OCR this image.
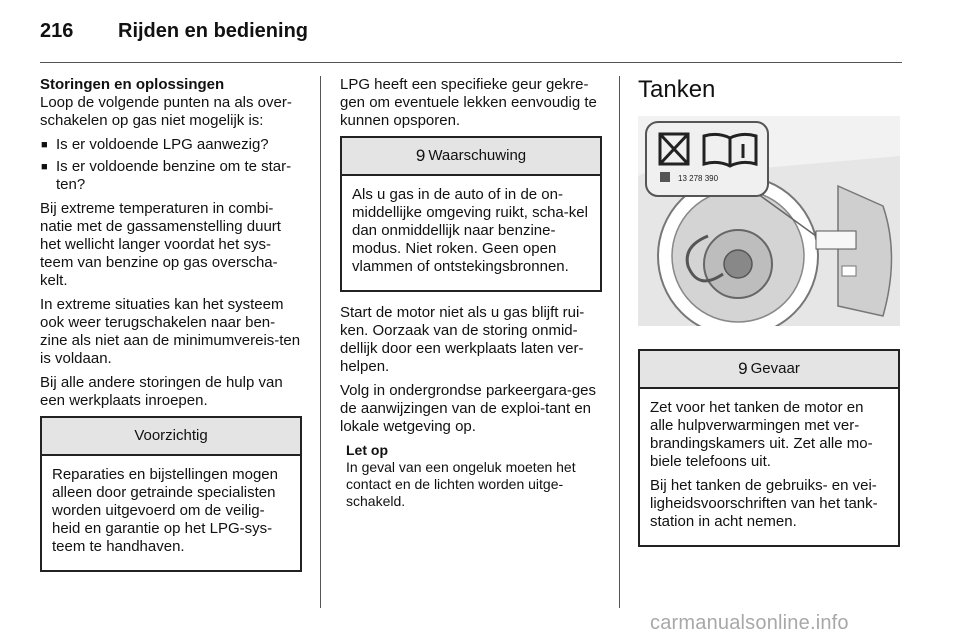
216 Rijden en bediening
Storingen en oplossingen

Loop de volgende punten na als over-schakelen op gas niet mogelijk is:

■ Is er voldoende LPG aanwezig?
■ Is er voldoende benzine om te star-ten?

Bij extreme temperaturen in combi-natie met de gassamenstelling duurt het wellicht langer voordat het sys-teem van benzine op gas overscha-kelt.

In extreme situaties kan het systeem ook weer terugschakelen naar ben-zine als niet aan de minimumvereis-ten is voldaan.

Bij alle andere storingen de hulp van een werkplaats inroepen.

Voorzichtig

Reparaties en bijstellingen mogen alleen door getrainde specialisten worden uitgevoerd om de veilig-heid en garantie op het LPG-sys-teem te handhaven.

LPG heeft een specifieke geur gekre-gen om eventuele lekken eenvoudig te kunnen opsporen.

9 Waarschuwing

Als u gas in de auto of in de on-middellijke omgeving ruikt, scha-kel dan onmiddellijk naar benzine-modus. Niet roken. Geen open vlammen of ontstekingsbronnen.

Start de motor niet als u gas blijft rui-ken. Oorzaak van de storing onmid-dellijk door een werkplaats laten ver-helpen.

Volg in ondergrondse parkeergara-ges de aanwijzingen van de exploi-tant en lokale wetgeving op.

Let op
In geval van een ongeluk moeten het contact en de lichten worden uitge-schakeld.
Tanken
13 278 390
9 Gevaar

Zet voor het tanken de motor en alle hulpverwarmingen met ver-brandingskamers uit. Zet alle mo-biele telefoons uit.

Bij het tanken de gebruiks- en vei-ligheidsvoorschriften van het tank-station in acht nemen.

carmanualsonline.info
